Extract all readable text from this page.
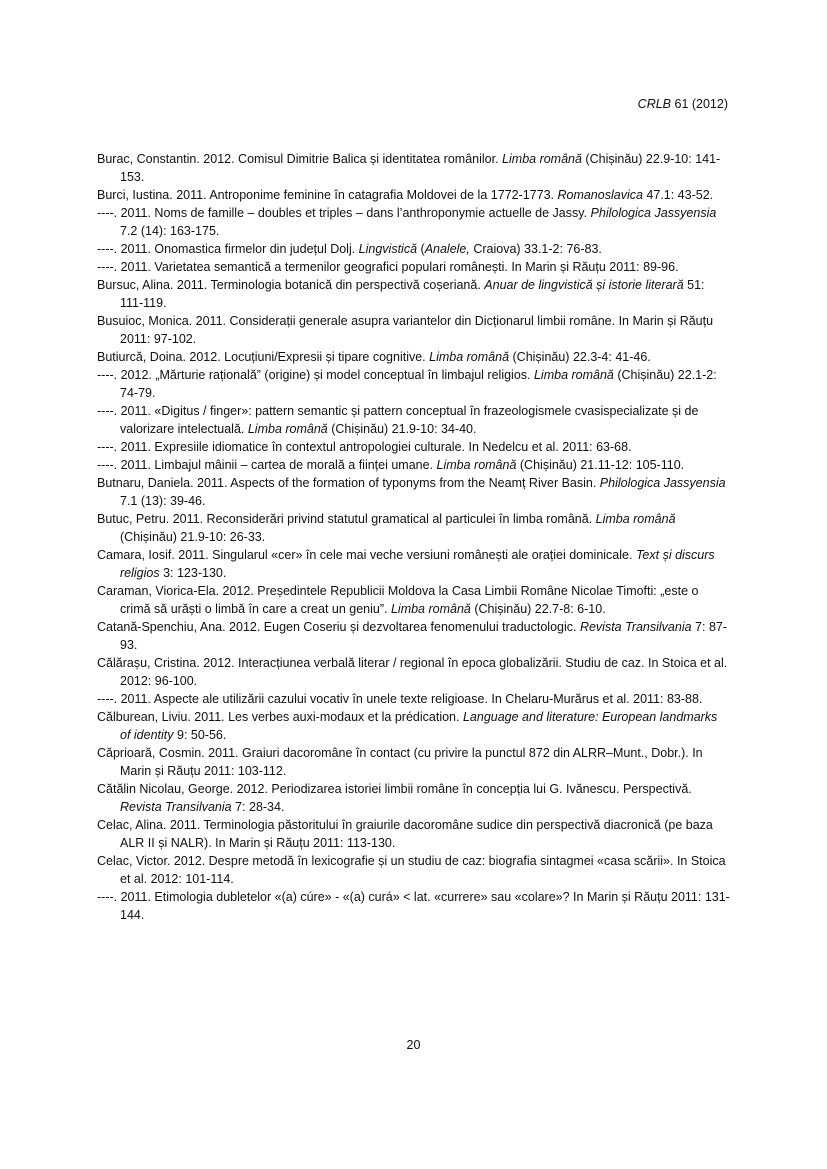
CRLB 61 (2012)
Burac, Constantin. 2012. Comisul Dimitrie Balica și identitatea românilor. Limba română (Chișinău) 22.9-10: 141-153.
Burci, Iustina. 2011. Antroponime feminine în catagrafia Moldovei de la 1772-1773. Romanoslavica 47.1: 43-52.
----. 2011. Noms de famille – doubles et triples – dans l’anthroponymie actuelle de Jassy. Philologica Jassyensia 7.2 (14): 163-175.
----. 2011. Onomastica firmelor din județul Dolj. Lingvistică (Analele, Craiova) 33.1-2: 76-83.
----. 2011. Varietatea semantică a termenilor geografici populari românești. In Marin și Răuțu 2011: 89-96.
Bursuc, Alina. 2011. Terminologia botanică din perspectivă coșeriană. Anuar de lingvistică și istorie literară 51: 111-119.
Busuioc, Monica. 2011. Considerații generale asupra variantelor din Dicționarul limbii române. In Marin și Răuțu 2011: 97-102.
Butiurcă, Doina. 2012. Locuțiuni/Expresii și tipare cognitive. Limba română (Chișinău) 22.3-4: 41-46.
----. 2012. „Mărturie rațională” (origine) și model conceptual în limbajul religios. Limba română (Chișinău) 22.1-2: 74-79.
----. 2011. «Digitus / finger»: pattern semantic și pattern conceptual în frazeologismele cvasispecializate și de valorizare intelectuală. Limba română (Chișinău) 21.9-10: 34-40.
----. 2011. Expresiile idiomatice în contextul antropologiei culturale. In Nedelcu et al. 2011: 63-68.
----. 2011. Limbajul mâinii – cartea de morală a ființei umane. Limba română (Chișinău) 21.11-12: 105-110.
Butnaru, Daniela. 2011. Aspects of the formation of typonyms from the Neamț River Basin. Philologica Jassyensia 7.1 (13): 39-46.
Butuc, Petru. 2011. Reconsiderări privind statutul gramatical al particulei în limba română. Limba română (Chișinău) 21.9-10: 26-33.
Camara, Iosif. 2011. Singularul «cer» în cele mai veche versiuni românești ale orației dominicale. Text și discurs religios 3: 123-130.
Caraman, Viorica-Ela. 2012. Președintele Republicii Moldova la Casa Limbii Române Nicolae Timofti: „este o crimă să urăști o limbă în care a creat un geniu”. Limba română (Chișinău) 22.7-8: 6-10.
Catană-Spenchiu, Ana. 2012. Eugen Coseriu și dezvoltarea fenomenului traductologic. Revista Transilvania 7: 87-93.
Călărașu, Cristina. 2012. Interacțiunea verbală literar / regional în epoca globalizării. Studiu de caz. In Stoica et al. 2012: 96-100.
----. 2011. Aspecte ale utilizării cazului vocativ în unele texte religioase. In Chelaru-Murărus et al. 2011: 83-88.
Călburean, Liviu. 2011. Les verbes auxi-modaux et la prédication. Language and literature: European landmarks of identity 9: 50-56.
Căprioară, Cosmin. 2011. Graiuri dacoromâne în contact (cu privire la punctul 872 din ALRR–Munt., Dobr.). In Marin și Răuțu 2011: 103-112.
Cătălin Nicolau, George. 2012. Periodizarea istoriei limbii române în concepția lui G. Ivănescu. Perspectivă. Revista Transilvania 7: 28-34.
Celac, Alina. 2011. Terminologia păstoritului în graiurile dacoromâne sudice din perspectivă diacronică (pe baza ALR II și NALR). In Marin și Răuțu 2011: 113-130.
Celac, Victor. 2012. Despre metodă în lexicografie și un studiu de caz: biografia sintagmei «casa scării». In Stoica et al. 2012: 101-114.
----. 2011. Etimologia dubletelor «(a) cúre» - «(a) curá» < lat. «currere» sau «colare»? In Marin și Răuțu 2011: 131-144.
20
